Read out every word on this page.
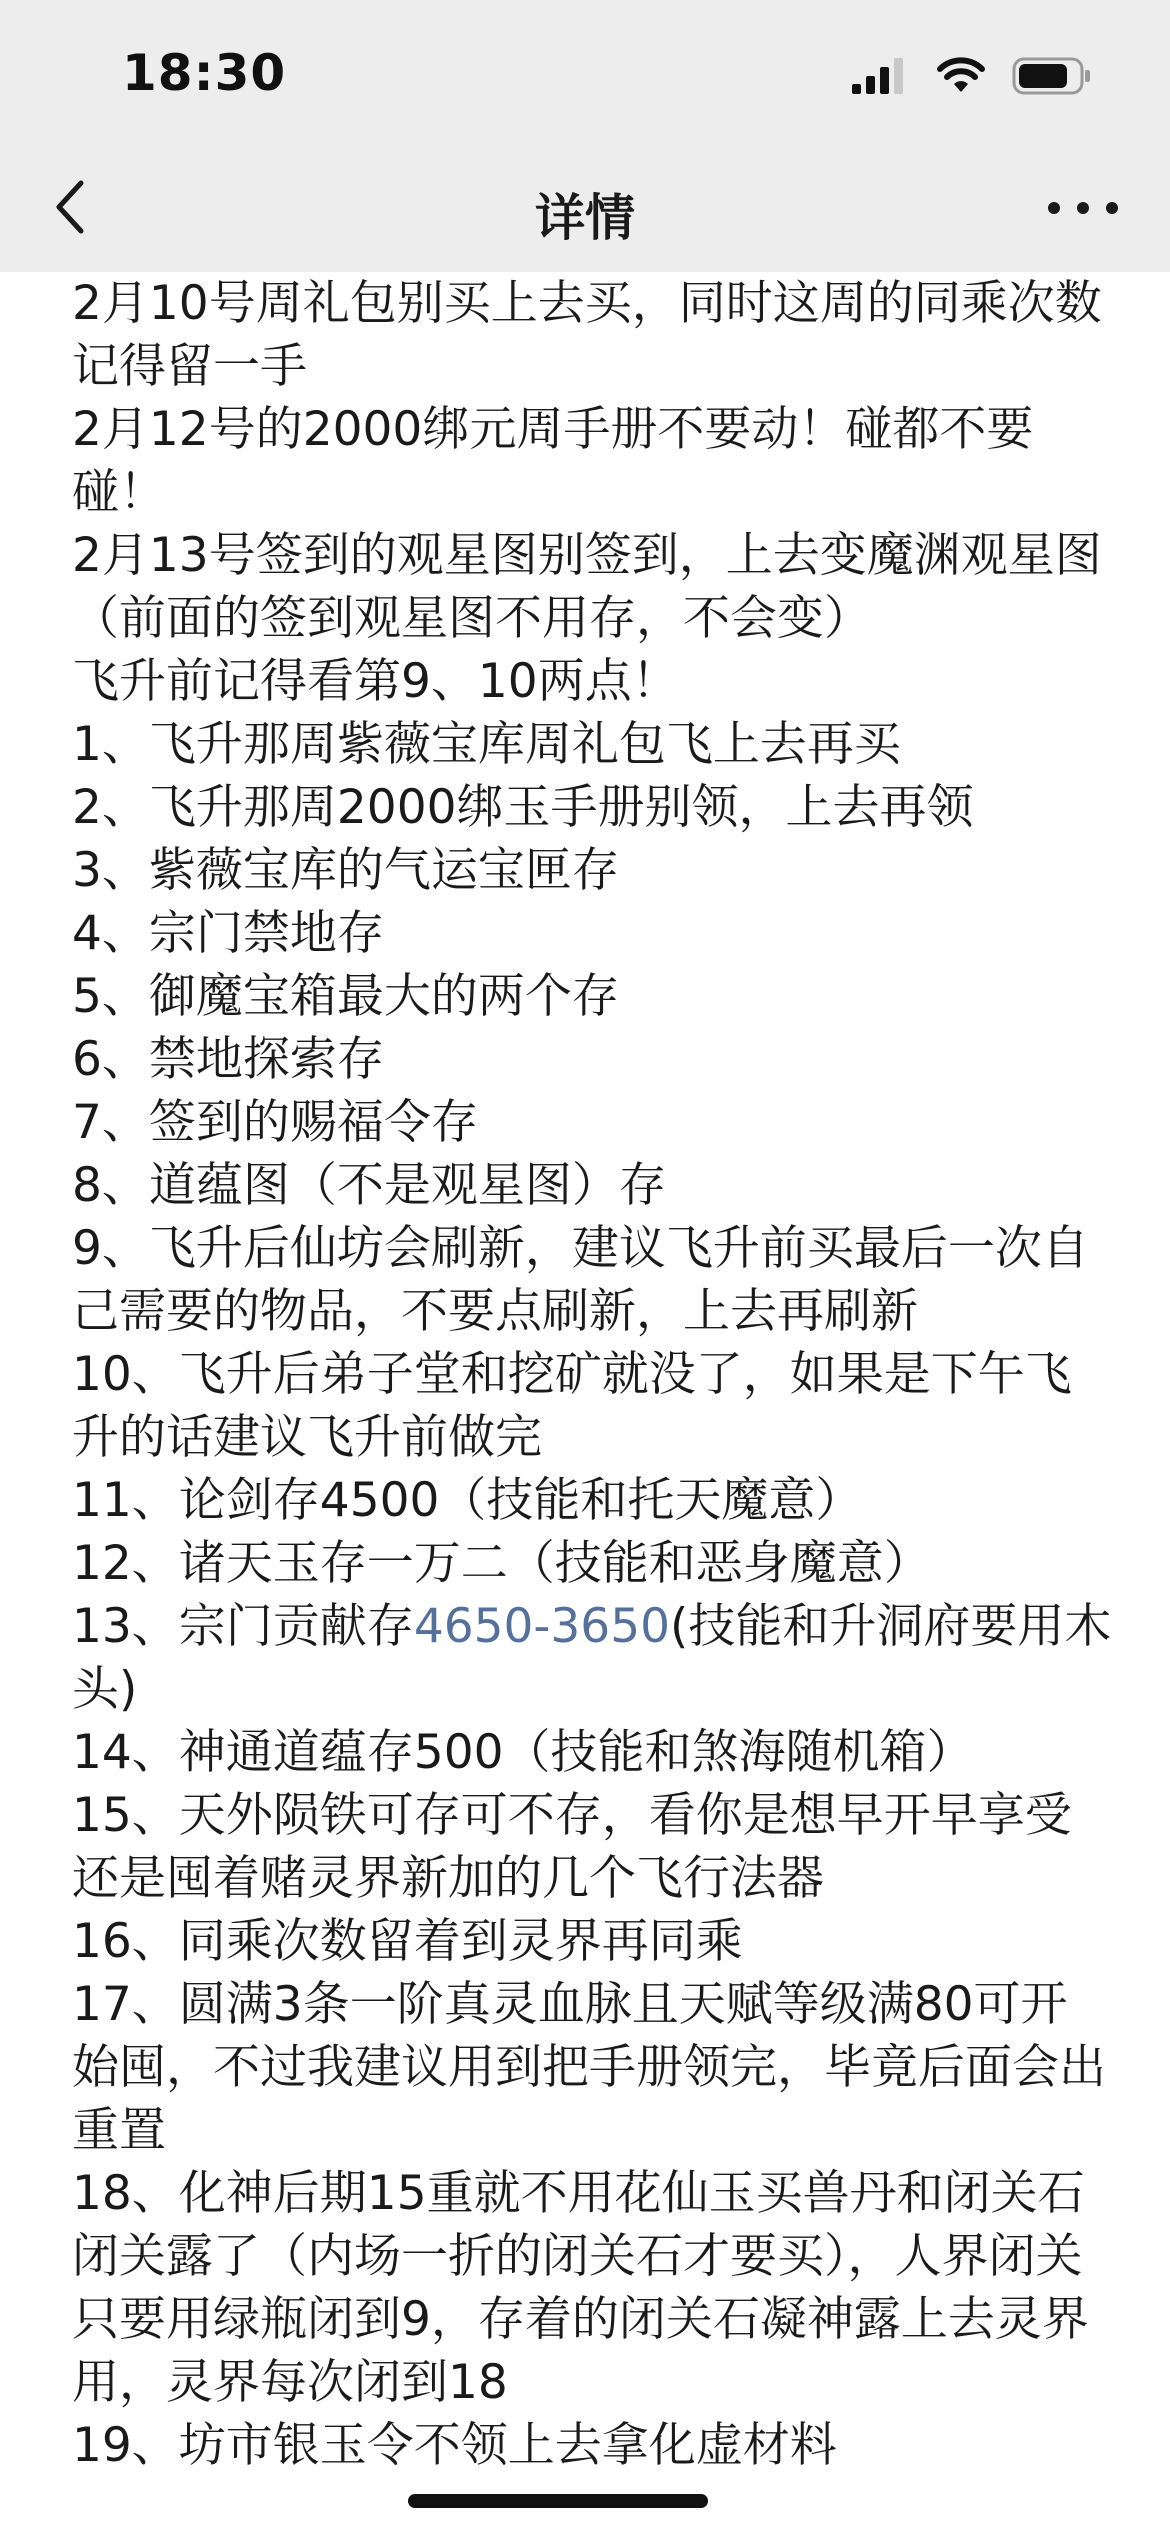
18:30
详情
2月10号周礼包别买上去买，同时这周的同乘次数记得留一手
2月12号的2000绑元周手册不要动！碰都不要碰！
2月13号签到的观星图别签到，上去变魔渊观星图（前面的签到观星图不用存，不会变）
飞升前记得看第9、10两点！
1、飞升那周紫薇宝库周礼包飞上去再买
2、飞升那周2000绑玉手册别领，上去再领
3、紫薇宝库的气运宝匣存
4、宗门禁地存
5、御魔宝箱最大的两个存
6、禁地探索存
7、签到的赐福令存
8、道蕴图（不是观星图）存
9、飞升后仙坊会刷新，建议飞升前买最后一次自己需要的物品，不要点刷新，上去再刷新
10、飞升后弟子堂和挖矿就没了，如果是下午飞升的话建议飞升前做完
11、论剑存4500（技能和托天魔意）
12、诸天玉存一万二（技能和恶身魔意）
13、宗门贡献存4650-3650(技能和升洞府要用木头)
14、神通道蕴存500（技能和煞海随机箱）
15、天外陨铁可存可不存，看你是想早开早享受还是囤着赌灵界新加的几个飞行法器
16、同乘次数留着到灵界再同乘
17、圆满3条一阶真灵血脉且天赋等级满80可开始囤，不过我建议用到把手册领完，毕竟后面会出重置
18、化神后期15重就不用花仙玉买兽丹和闭关石闭关露了（内场一折的闭关石才要买），人界闭关只要用绿瓶闭到9，存着的闭关石凝神露上去灵界用，灵界每次闭到18
19、坊市银玉令不领上去拿化虚材料
